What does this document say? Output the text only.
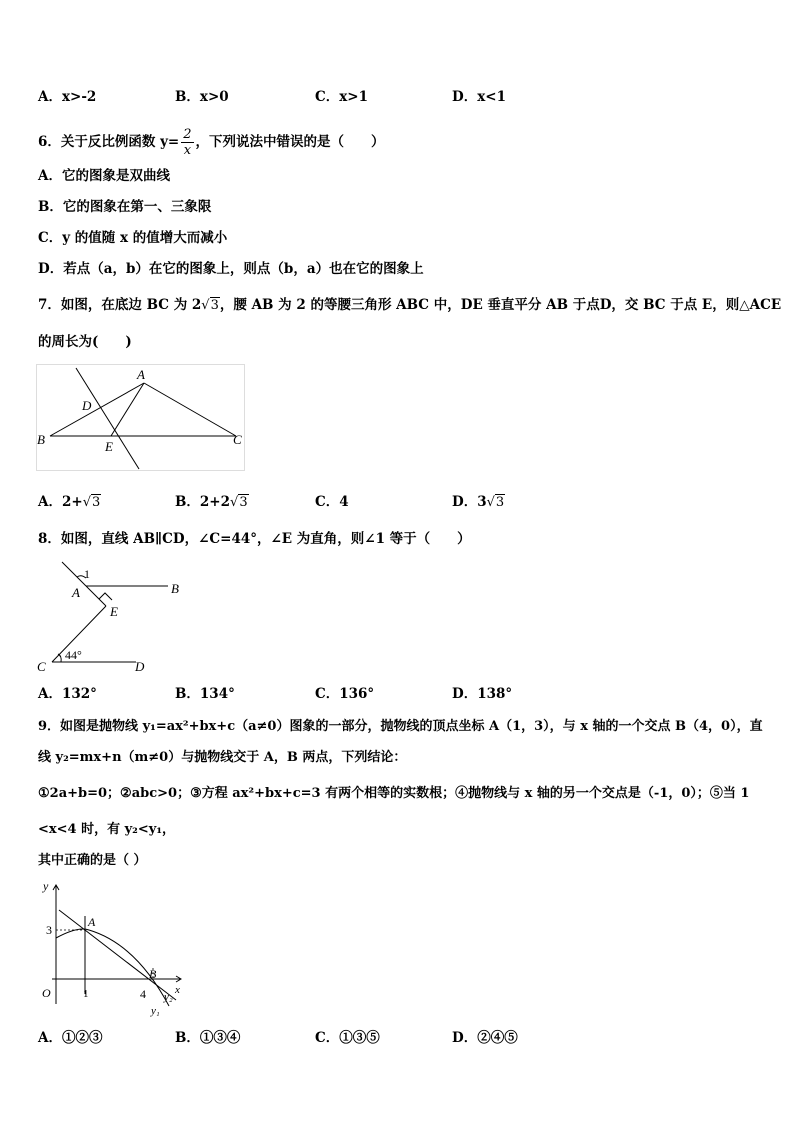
A．x>-2	B．x>0	C．x>1	D．x<1
6．关于反比例函数 $y= \frac{2}{x}$ ，下列说法中错误的是（　　）
A．它的图象是双曲线
B．它的图象在第一、三象限
C．y 的值随 x 的值增大而减小
D．若点（a，b）在它的图象上，则点（b，a）也在它的图象上
7．如图，在底边 BC 为 2√3，腰 AB 为 2 的等腰三角形 ABC 中，DE 垂直平分 AB 于点D，交 BC 于点 E，则△ACE
的周长为(　　)
A
B	C
D
E
A．2+√3	B．2+2√3	C．4	D．3√3
8．如图，直线 AB∥CD，∠C=44°，∠E 为直角，则∠1 等于（　　）
1
A	B
E
C	D
44°
A．132°	B．134°	C．136°	D．138°
9．如图是抛物线 y₁=ax²+bx+c（a≠0）图象的一部分，抛物线的顶点坐标 A（1，3），与 x 轴的一个交点 B（4，0），直
线 y₂=mx+n（m≠0）与抛物线交于 A，B 两点，下列结论：
①2a+b=0；②abc>0；③方程 ax²+bx+c=3 有两个相等的实数根；④抛物线与 x 轴的另一个交点是（-1，0）；⑤当 1
<x<4 时，有 y₂<y₁，
其中正确的是（ ）
y
x
3
A
B
O	1	4 y₂
y₁
A．①②③	B．①③④	C．①③⑤	D．②④⑤
